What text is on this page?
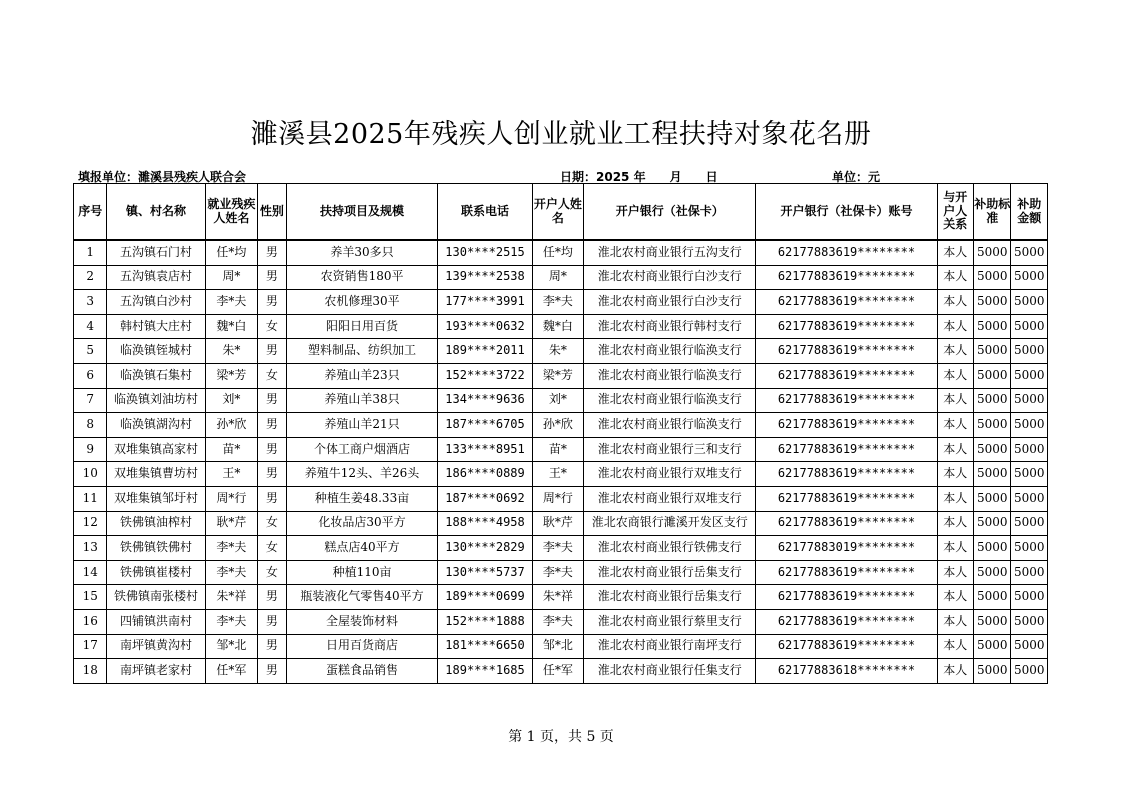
濉溪县2025年残疾人创业就业工程扶持对象花名册
填报单位：濉溪县残疾人联合会	日期：2025 年　　月　　日	单位：元
序号	镇、村名称	就业残疾人姓名	性别	扶持项目及规模	联系电话	开户人姓名	开户银行（社保卡）	开户银行（社保卡）账号	与开户人关系	补助标准	补助金额
1	五沟镇石门村	任*均	男	养羊30多只	130****2515	任*均	淮北农村商业银行五沟支行	62177883619********	本人	5000	5000
2	五沟镇袁店村	周*	男	农资销售180平	139****2538	周*	淮北农村商业银行白沙支行	62177883619********	本人	5000	5000
3	五沟镇白沙村	李*夫	男	农机修理30平	177****3991	李*夫	淮北农村商业银行白沙支行	62177883619********	本人	5000	5000
4	韩村镇大庄村	魏*白	女	阳阳日用百货	193****0632	魏*白	淮北农村商业银行韩村支行	62177883619********	本人	5000	5000
5	临涣镇铚城村	朱*	男	塑料制品、纺织加工	189****2011	朱*	淮北农村商业银行临涣支行	62177883619********	本人	5000	5000
6	临涣镇石集村	梁*芳	女	养殖山羊23只	152****3722	梁*芳	淮北农村商业银行临涣支行	62177883619********	本人	5000	5000
7	临涣镇刘油坊村	刘*	男	养殖山羊38只	134****9636	刘*	淮北农村商业银行临涣支行	62177883619********	本人	5000	5000
8	临涣镇湖沟村	孙*欣	男	养殖山羊21只	187****6705	孙*欣	淮北农村商业银行临涣支行	62177883619********	本人	5000	5000
9	双堆集镇高家村	苗*	男	个体工商户烟酒店	133****8951	苗*	淮北农村商业银行三和支行	62177883619********	本人	5000	5000
10	双堆集镇曹坊村	王*	男	养殖牛12头、羊26头	186****0889	王*	淮北农村商业银行双堆支行	62177883619********	本人	5000	5000
11	双堆集镇邹圩村	周*行	男	种植生姜48.33亩	187****0692	周*行	淮北农村商业银行双堆支行	62177883619********	本人	5000	5000
12	铁佛镇油榨村	耿*芹	女	化妆品店30平方	188****4958	耿*芹	淮北农商银行濉溪开发区支行	62177883619********	本人	5000	5000
13	铁佛镇铁佛村	李*夫	女	糕点店40平方	130****2829	李*夫	淮北农村商业银行铁佛支行	62177883019********	本人	5000	5000
14	铁佛镇崔楼村	李*夫	女	种植110亩	130****5737	李*夫	淮北农村商业银行岳集支行	62177883619********	本人	5000	5000
15	铁佛镇南张楼村	朱*祥	男	瓶装液化气零售40平方	189****0699	朱*祥	淮北农村商业银行岳集支行	62177883619********	本人	5000	5000
16	四铺镇洪南村	李*夫	男	全屋装饰材料	152****1888	李*夫	淮北农村商业银行蔡里支行	62177883619********	本人	5000	5000
17	南坪镇黄沟村	邹*北	男	日用百货商店	181****6650	邹*北	淮北农村商业银行南坪支行	62177883619********	本人	5000	5000
18	南坪镇老家村	任*军	男	蛋糕食品销售	189****1685	任*军	淮北农村商业银行任集支行	62177883618********	本人	5000	5000
第 1 页，共 5 页
